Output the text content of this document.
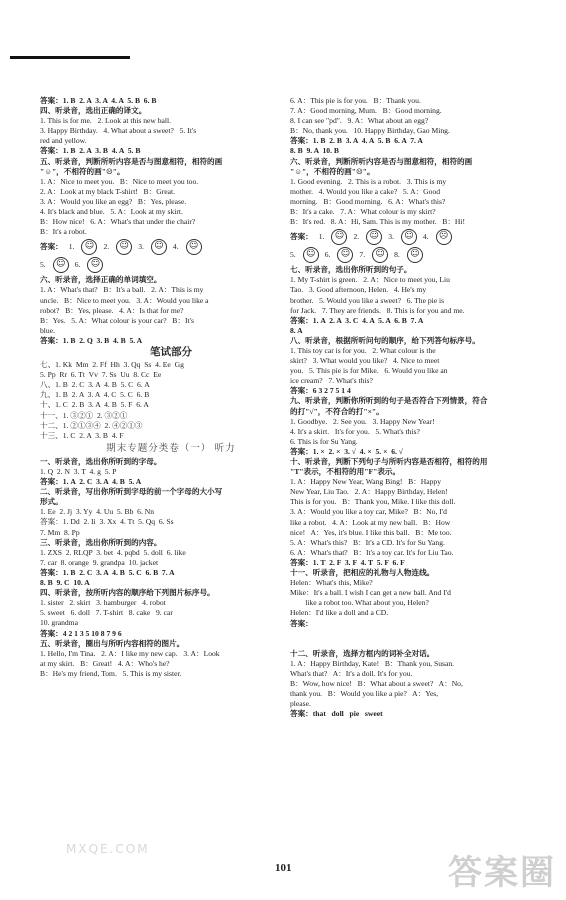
答案：1. B  2. A  3. A  4. A  5. B  6. B

四、听录音，选出正确的译文。

1. This is for me.   2. Look at this new ball.

3. Happy Birthday.   4. What about a sweet?   5. It's

red and yellow.

答案：1. B  2. A  3. B  4. A  5. B

五、听录音，判断所听内容是否与图意相符，相符的画

"☺"，不相符的画"☹"。

1. A：Nice to meet you.   B：Nice to meet you too.

2. A：Look at my black T-shirt!   B：Great.

3. A：Would you like an egg?   B：Yes, please.

4. It's black and blue.   5. A：Look at my skirt.

B：How nice!   6. A：What's that under the chair?

B：It's a robot.

答案： 1.	☺	2.	☺	3.	☺	4.	☺
5.	☺	6.	☺

六、听录音，选择正确的单词填空。

1. A：What's that?   B：It's a ball.   2. A：This is my

uncle.   B：Nice to meet you.   3. A：Would you like a

robot?   B：Yes, please.   4. A：Is that for me?

B：Yes.   5. A：What colour is your car?   B：It's

blue.

答案：1. B  2. Q  3. B  4. B  5. A

笔试部分

七、1. Kk  Mm  2. Ff  Hh  3. Qq  Ss  4. Ee  Gg

5. Pp  Rr  6. Tt  Vv  7. Ss  Uu  8. Cc  Ee

八、1. B  2. C  3. A  4. B  5. C  6. A

九、1. B  2. A  3. A  4. C  5. C  6. B

十、1. C  2. B  3. A  4. B  5. F  6. A

十一、1. ③②①  2. ③②①

十二、1. ②①③④  2. ④②①③

十三、1. C  2. A  3. B  4. F

期末专题分类卷（一） 听力

一、听录音，选出你所听到的字母。

1. Q  2. N  3. T  4. g  5. P

答案：1. A  2. C  3. A  4. B  5. A

二、听录音，写出你所听到字母的前一个字母的大小写

形式。

1. Ee  2. Jj  3. Yy  4. Uu  5. Bb  6. Nn

答案：1. Dd  2. Ii  3. Xx  4. Tt  5. Qq  6. Ss

7. Mm  8. Pp

三、听录音，选出你所听到的内容。

1. ZXS  2. RLQP  3. bet  4. pqbd  5. doll  6. like

7. car  8. orange  9. grandpa  10. jacket

答案：1. B  2. C  3. A  4. B  5. C  6. B  7. A

8. B  9. C  10. A

四、听录音，按所听内容的顺序给下列图片标序号。

1. sister   2. skirt   3. hamburger   4. robot

5. sweet   6. doll   7. T-shirt   8. cake   9. car

10. grandma

答案：4 2 1 3 5 10 8 7 9 6

五、听录音，圈出与所听内容相符的图片。

1. Hello, I'm Tina.   2. A：I like my new cap.   3. A：Look

at my skirt.   B：Great!   4. A：Who's he?

B：He's my friend, Tom.   5. This is my sister.

6. A：This pie is for you.   B：Thank you.

7. A：Good morning, Mum.   B：Good morning.

8. I can see "pd".   9. A：What about an egg?

B：No, thank you.   10. Happy Birthday, Gao Ming.

答案：1. B  2. B  3. A  4. A  5. B  6. A  7. A

8. B  9. A  10. B

六、听录音，判断所听内容是否与图意相符，相符的画

"☺"，不相符的画"☹"。

1. Good evening.   2. This is a robot.   3. This is my

mother.   4. Would you like a cake?   5. A：Good

morning.   B：Good morning.   6. A：What's this?

B：It's a cake.   7. A：What colour is my skirt?

B：It's red.   8. A：Hi, Sam. This is my mother.   B：Hi!

答案： 1.	☺	2.	☺	3.	☺	4.	☹
5.	☺	6.	☺	7.	☺	8.	☺

七、听录音，选出你所听到的句子。

1. My T-shirt is green.   2. A：Nice to meet you, Liu

Tao.   3. Good afternoon, Helen.   4. He's my

brother.   5. Would you like a sweet?   6. The pie is

for Jack.   7. They are friends.   8. This is for you and me.

答案：1. A  2. A  3. C  4. A  5. A  6. B  7. A

8. A

八、听录音，根据所听问句的顺序，给下列答句标序号。

1. This toy car is for you.   2. What colour is the

skirt?   3. What would you like?   4. Nice to meet

you.   5. This pie is for Mike.   6. Would you like an

ice cream?   7. What's this?

答案：6 3 2 7 5 1 4

九、听录音，判断你所听到的句子是否符合下列情景，符合

的打"√"，不符合的打"×"。

1. Goodbye.   2. See you.   3. Happy New Year!

4. It's a skirt.   It's for you.   5. What's this?

6. This is for Su Yang.

答案：1. ×  2. ×  3. √  4. ×  5. ×  6. √

十、听录音，判断下列句子与所听内容是否相符，相符的用

"T"表示，不相符的用"F"表示。

1. A：Happy New Year, Wang Bing!   B：Happy

New Year, Liu Tao.   2. A：Happy Birthday, Helen!

This is for you.   B：Thank you, Mike. I like this doll.

3. A：Would you like a toy car, Mike?   B：No, I'd

like a robot.   4. A：Look at my new ball.   B：How

nice!   A：Yes, it's blue. I like this ball.   B：Me too.

5. A：What's this?   B：It's a CD. It's for Su Yang.

6. A：What's that?   B：It's a toy car. It's for Liu Tao.

答案：1. T  2. F  3. F  4. T  5. F  6. F

十一、听录音，把相应的礼物与人物连线。

Helen：What's this, Mike?

Mike：It's a ball. I wish I can get a new ball. And I'd

like a robot too. What about you, Helen?

Helen：I'd like a doll and a CD.

答案：

十二、听录音，选择方框内的词补全对话。

1. A：Happy Birthday, Kate!   B：Thank you, Susan.

What's that?   A：It's a doll. It's for you.

B：Wow, how nice!   B：What about a sweet?   A：No,

thank you.   B：Would you like a pie?   A：Yes,

please.

答案：that   doll   pie   sweet

101	答案圈
MXQE.COM
